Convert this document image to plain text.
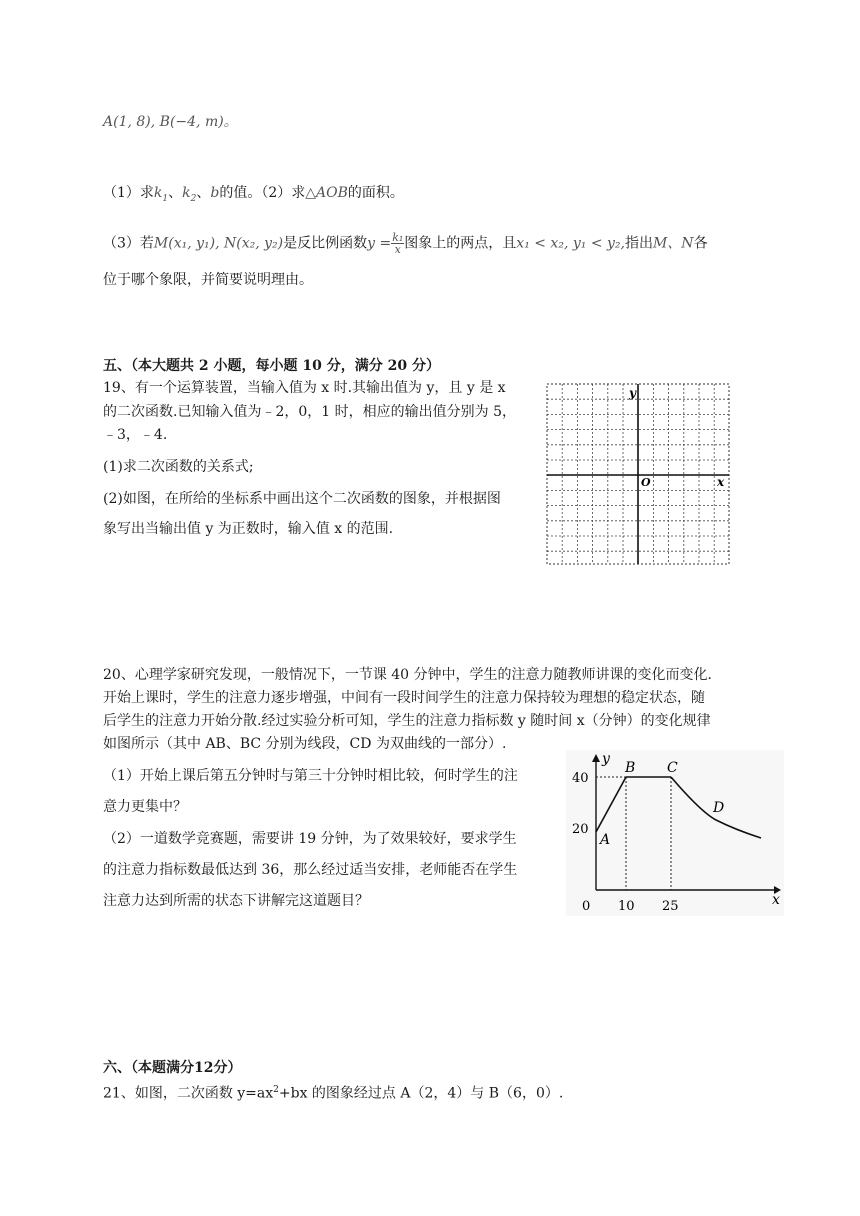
A(1, 8), B(−4, m)。
（1）求$k_1$、$k_2$、b的值。（2）求△AOB的面积。
（3）若M(x₁, y₁), N(x₂, y₂)是反比例函数$y = \frac{\text{k₁}}{x}$ 图象上的两点，且x₁ < x₂, y₁ < y₂,指出M、N各
位于哪个象限，并简要说明理由。
五、（本大题共 2 小题，每小题 10 分，满分 20 分）
19、有一个运算装置，当输入值为 x 时.其输出值为 y，且 y 是 x
的二次函数.已知输入值为﹣2，0，1 时，相应的输出值分别为 5，
﹣3，﹣4.
(1)求二次函数的关系式;
(2)如图，在所给的坐标系中画出这个二次函数的图象，并根据图
象写出当输出值 y 为正数时，输入值 x 的范围.
y
x
O
20、心理学家研究发现，一般情况下，一节课 40 分钟中，学生的注意力随教师讲课的变化而变化.
开始上课时，学生的注意力逐步增强，中间有一段时间学生的注意力保持较为理想的稳定状态，随
后学生的注意力开始分散.经过实验分析可知，学生的注意力指标数 y 随时间 x（分钟）的变化规律
如图所示（其中 AB、BC 分别为线段，CD 为双曲线的一部分）.
（1）开始上课后第五分钟时与第三十分钟时相比较，何时学生的注
意力更集中？
（2）一道数学竞赛题，需要讲 19 分钟，为了效果较好，要求学生
的注意力指标数最低达到 36，那么经过适当安排，老师能否在学生
注意力达到所需的状态下讲解完这道题目？
y
x
0
40
20
10 25
A
B C
D
六、（本题满分12分）
21、如图，二次函数 $y=ax^2+bx$ 的图象经过点 A（2，4）与 B（6，0）.
